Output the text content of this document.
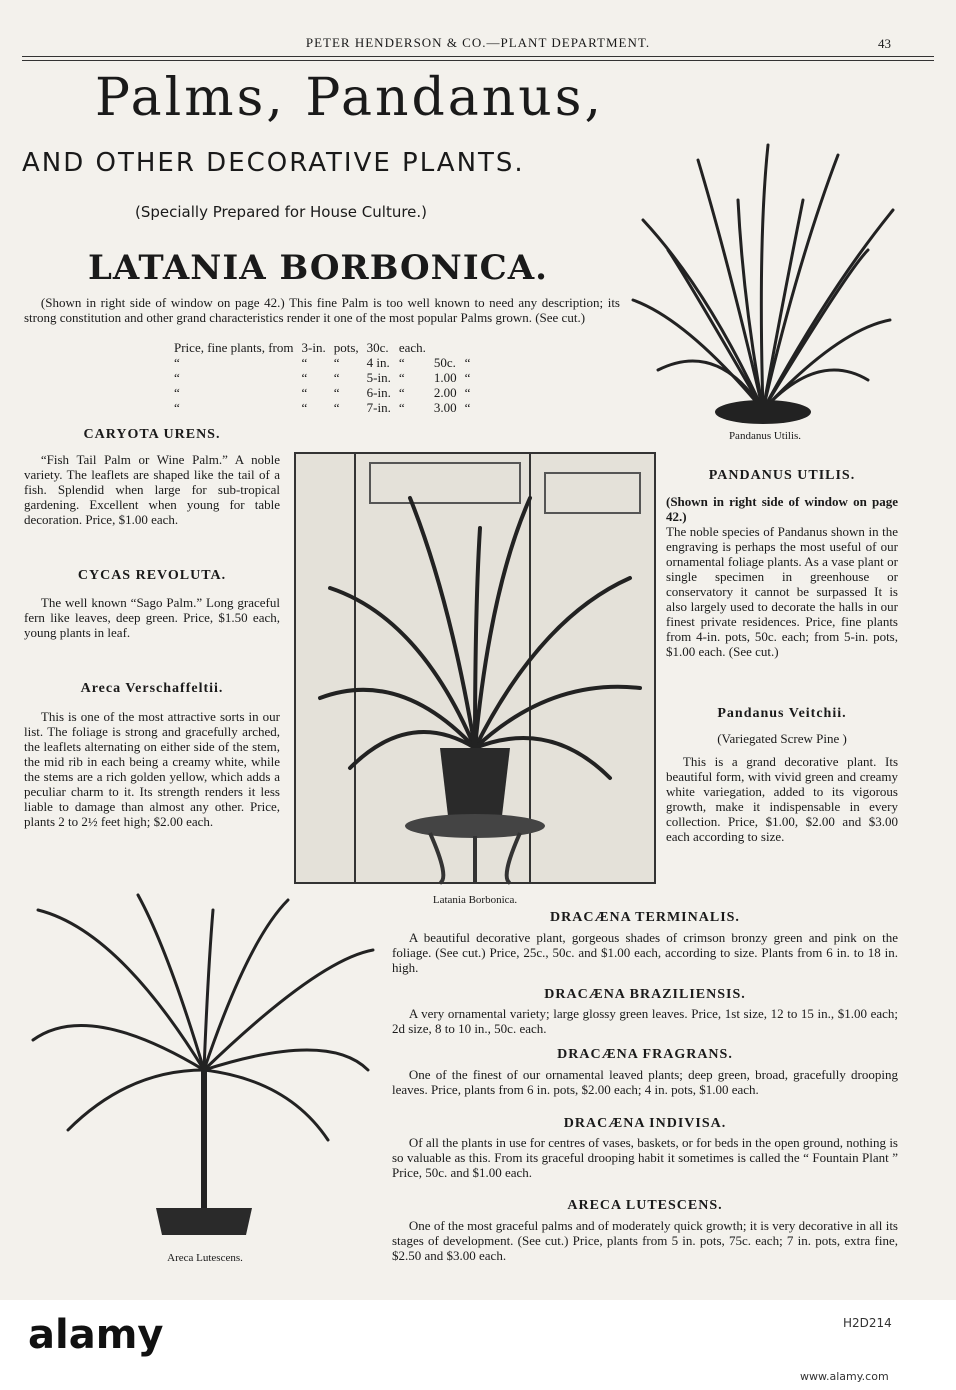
PETER HENDERSON & CO.—PLANT DEPARTMENT.	43
Palms, Pandanus,
AND OTHER DECORATIVE PLANTS.
(Specially Prepared for House Culture.)
LATANIA BORBONICA.
(Shown in right side of window on page 42.) This fine Palm is too well known to need any description; its strong constitution and other grand characteristics render it one of the most popular Palms grown. (See cut.)
Price, fine plants, from	3-in.	pots,	30c.	each.		
“	“	“	4 in.	“	50c.	“
“	“	“	5-in.	“	1.00	“
“	“	“	6-in.	“	2.00	“
“	“	“	7-in.	“	3.00	“
Pandanus Utilis.
CARYOTA URENS.
“Fish Tail Palm or Wine Palm.” A noble variety. The leaflets are shaped like the tail of a fish. Splendid when large for sub-tropical gardening. Excellent when young for table decoration. Price, $1.00 each.
CYCAS REVOLUTA.
The well known “Sago Palm.” Long graceful fern like leaves, deep green. Price, $1.50 each, young plants in leaf.
Areca Verschaffeltii.
This is one of the most attractive sorts in our list. The foliage is strong and gracefully arched, the leaflets alternating on either side of the stem, the mid rib in each being a creamy white, while the stems are a rich golden yellow, which adds a peculiar charm to it. Its strength renders it less liable to damage than almost any other. Price, plants 2 to 2½ feet high; $2.00 each.
Latania Borbonica.
PANDANUS UTILIS.
(Shown in right side of window on page 42.)
The noble species of Pandanus shown in the engraving is perhaps the most useful of our ornamental foliage plants. As a vase plant or single specimen in greenhouse or conservatory it cannot be surpassed It is also largely used to decorate the halls in our finest private residences. Price, fine plants from 4-in. pots, 50c. each; from 5-in. pots, $1.00 each. (See cut.)
Pandanus Veitchii.
(Variegated Screw Pine )
This is a grand decorative plant. Its beautiful form, with vivid green and creamy white variegation, added to its vigorous growth, make it indispensable in every collection. Price, $1.00, $2.00 and $3.00 each according to size.
Areca Lutescens.
DRACÆNA TERMINALIS.
A beautiful decorative plant, gorgeous shades of crimson bronzy green and pink on the foliage. (See cut.) Price, 25c., 50c. and $1.00 each, according to size. Plants from 6 in. to 18 in. high.
DRACÆNA BRAZILIENSIS.
A very ornamental variety; large glossy green leaves. Price, 1st size, 12 to 15 in., $1.00 each; 2d size, 8 to 10 in., 50c. each.
DRACÆNA FRAGRANS.
One of the finest of our ornamental leaved plants; deep green, broad, gracefully drooping leaves. Price, plants from 6 in. pots, $2.00 each; 4 in. pots, $1.00 each.
DRACÆNA INDIVISA.
Of all the plants in use for centres of vases, baskets, or for beds in the open ground, nothing is so valuable as this. From its graceful drooping habit it sometimes is called the “ Fountain Plant ” Price, 50c. and $1.00 each.
ARECA LUTESCENS.
One of the most graceful palms and of moderately quick growth; it is very decorative in all its stages of development. (See cut.) Price, plants from 5 in. pots, 75c. each; 7 in. pots, extra fine, $2.50 and $3.00 each.
alamy	H2D214
www.alamy.com
